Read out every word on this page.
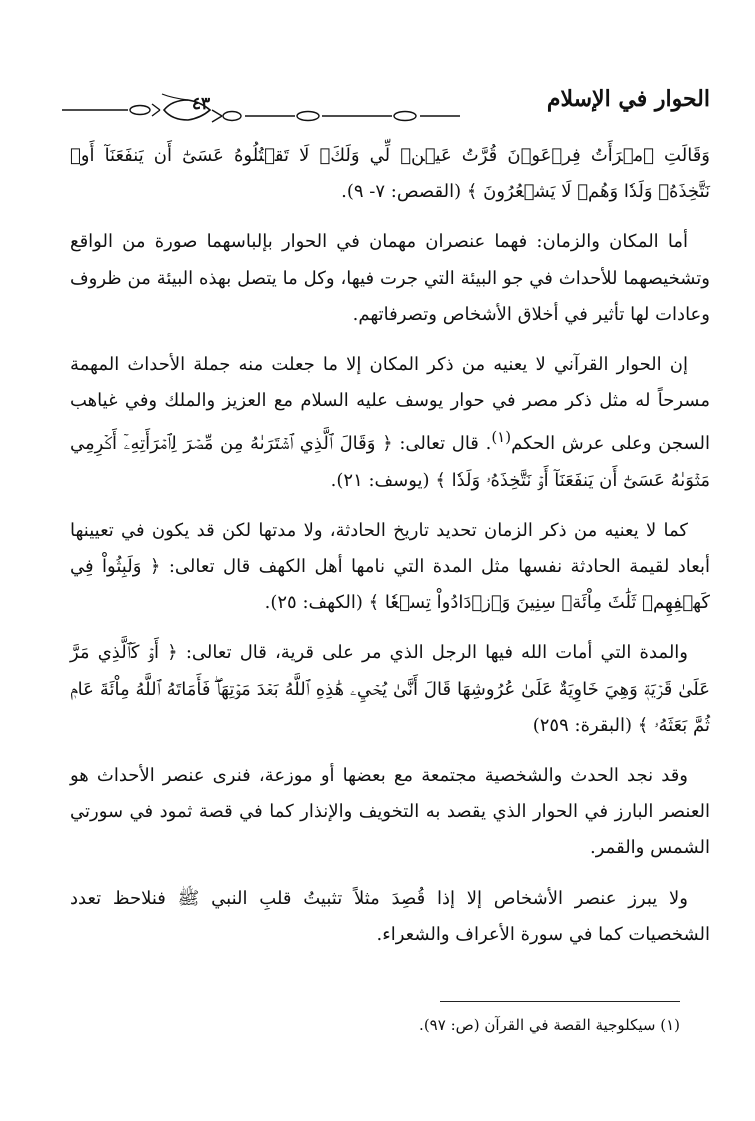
الحوار في الإسلام
٤٣

وَقَالَتِ ٱمۡرَأَتُ فِرۡعَوۡنَ قُرَّتُ عَيۡنٖ لِّي وَلَكَۖ لَا تَقۡتُلُوهُ عَسَىٰٓ أَن يَنفَعَنَآ أَوۡ نَتَّخِذَهُۥ وَلَدٗا وَهُمۡ لَا يَشۡعُرُونَ ﴾ (القصص: ٧- ٩).

أما المكان والزمان: فهما عنصران مهمان في الحوار بإلباسهما صورة من الواقع وتشخيصهما للأحداث في جو البيئة التي جرت فيها، وكل ما يتصل بهذه البيئة من ظروف وعادات لها تأثير في أخلاق الأشخاص وتصرفاتهم.

إن الحوار القرآني لا يعنيه من ذكر المكان إلا ما جعلت منه جملة الأحداث المهمة مسرحاً له مثل ذكر مصر في حوار يوسف عليه السلام مع العزيز والملك وفي غياهب السجن وعلى عرش الحكم$^{(١)}$. قال تعالى: ﴿ وَقَالَ ٱلَّذِي ٱشۡتَرَىٰهُ مِن مِّصۡرَ لِٱمۡرَأَتِهِۦٓ أَكۡرِمِي مَثۡوَىٰهُ عَسَىٰٓ أَن يَنفَعَنَآ أَوۡ نَتَّخِذَهُۥ وَلَدٗا ﴾ (يوسف: ٢١).

كما لا يعنيه من ذكر الزمان تحديد تاريخ الحادثة، ولا مدتها لكن قد يكون في تعيينها أبعاد لقيمة الحادثة نفسها مثل المدة التي نامها أهل الكهف قال تعالى: ﴿ وَلَبِثُواْ فِي كَهۡفِهِمۡ ثَلَٰثَ مِاْئَةٖ سِنِينَ وَٱزۡدَادُواْ تِسۡعٗا ﴾ (الكهف: ٢٥).

والمدة التي أمات الله فيها الرجل الذي مر على قرية، قال تعالى: ﴿ أَوۡ كَٱلَّذِي مَرَّ عَلَىٰ قَرۡيَةٖ وَهِيَ خَاوِيَةٌ عَلَىٰ عُرُوشِهَا قَالَ أَنَّىٰ يُحۡيِۦ هَٰذِهِ ٱللَّهُ بَعۡدَ مَوۡتِهَاۖ فَأَمَاتَهُ ٱللَّهُ مِاْئَةَ عَامٖ ثُمَّ بَعَثَهُۥ ﴾ (البقرة: ٢٥٩)

وقد نجد الحدث والشخصية مجتمعة مع بعضها أو موزعة، فنرى عنصر الأحداث هو العنصر البارز في الحوار الذي يقصد به التخويف والإنذار كما في قصة ثمود في سورتي الشمس والقمر.

ولا يبرز عنصر الأشخاص إلا إذا قُصِدَ مثلاً تثبيتُ قلبِ النبي ﷺ فنلاحظ تعدد الشخصيات كما في سورة الأعراف والشعراء.

(١) سيكلوجية القصة في القرآن (ص: ٩٧).
